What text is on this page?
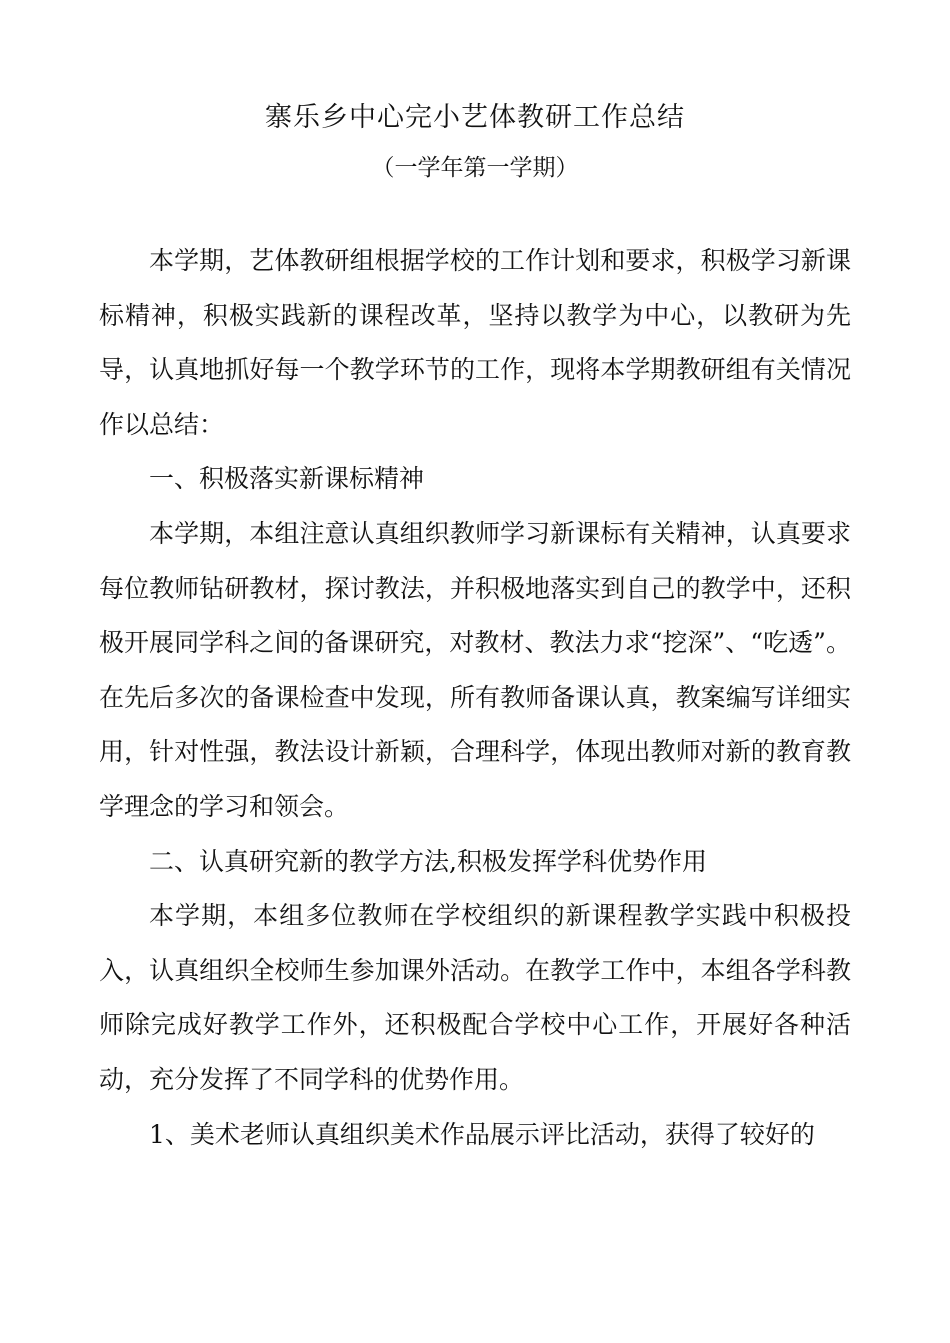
寨乐乡中心完小艺体教研工作总结
（一学年第一学期）

本学期，艺体教研组根据学校的工作计划和要求，积极学习新课标精神，积极实践新的课程改革，坚持以教学为中心，以教研为先导，认真地抓好每一个教学环节的工作，现将本学期教研组有关情况作以总结：

一、积极落实新课标精神

本学期，本组注意认真组织教师学习新课标有关精神，认真要求每位教师钻研教材，探讨教法，并积极地落实到自己的教学中，还积极开展同学科之间的备课研究，对教材、教法力求“挖深”、“吃透”。在先后多次的备课检查中发现，所有教师备课认真，教案编写详细实用，针对性强，教法设计新颖，合理科学，体现出教师对新的教育教学理念的学习和领会。

二、认真研究新的教学方法,积极发挥学科优势作用

本学期，本组多位教师在学校组织的新课程教学实践中积极投入，认真组织全校师生参加课外活动。在教学工作中，本组各学科教师除完成好教学工作外，还积极配合学校中心工作，开展好各种活动，充分发挥了不同学科的优势作用。

1、美术老师认真组织美术作品展示评比活动，获得了较好的
